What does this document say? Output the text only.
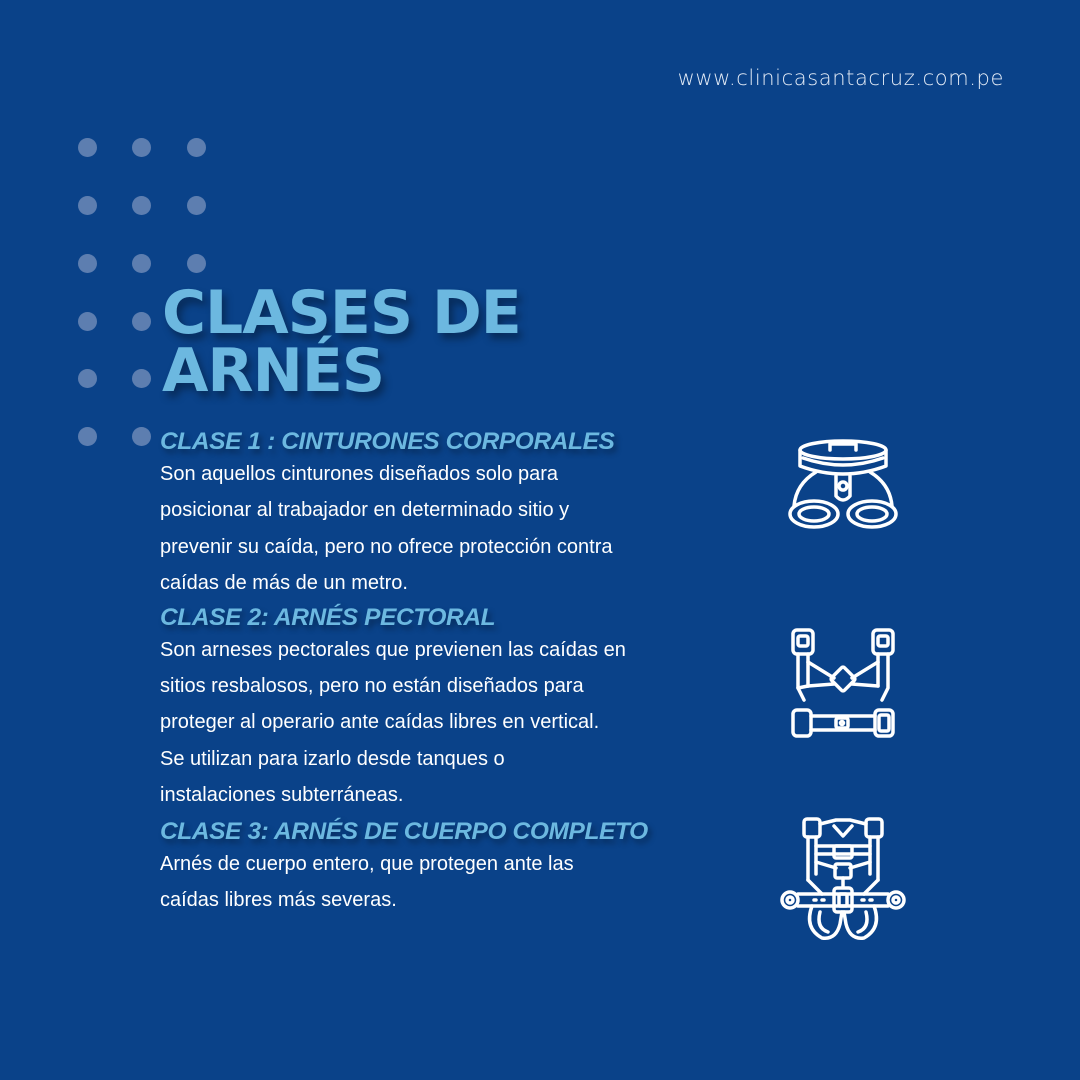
www.clinicasantacruz.com.pe
CLASES DE
ARNÉS
CLASE 1 : CINTURONES CORPORALES

Son aquellos cinturones diseñados solo para
posicionar al trabajador en determinado sitio y
prevenir su caída, pero no ofrece protección contra
caídas de más de un metro.

CLASE 2: ARNÉS PECTORAL

Son arneses pectorales que previenen las caídas en
sitios resbalosos, pero no están diseñados para
proteger al operario ante caídas libres en vertical.
Se utilizan para izarlo desde tanques o
instalaciones subterráneas.

CLASE 3: ARNÉS DE CUERPO COMPLETO

Arnés de cuerpo entero, que protegen ante las
caídas libres más severas.
